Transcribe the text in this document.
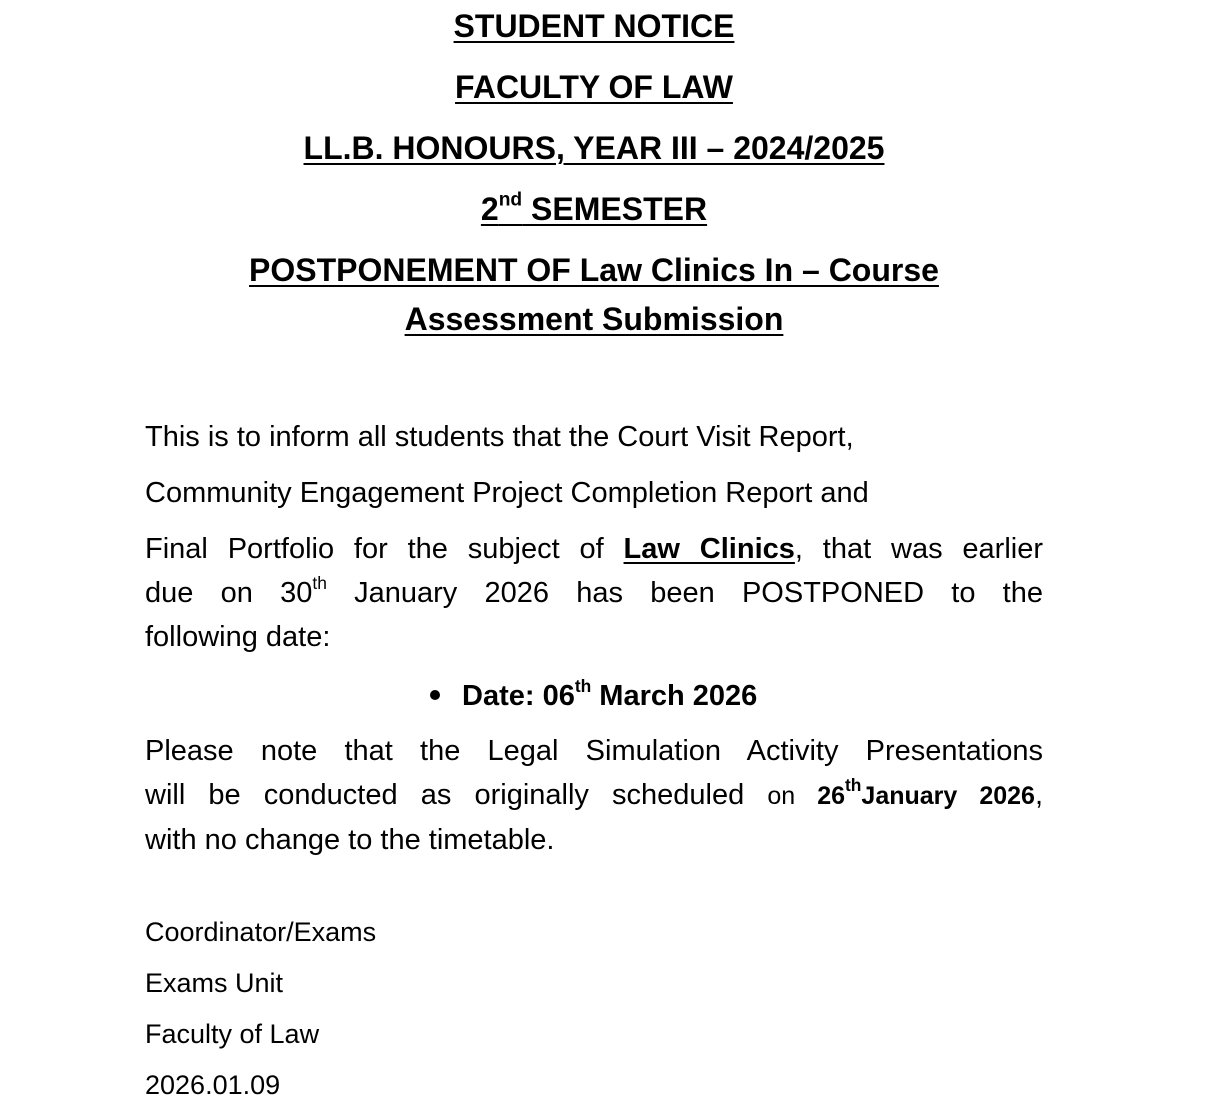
STUDENT NOTICE
FACULTY OF LAW
LL.B. HONOURS, YEAR III – 2024/2025
2nd SEMESTER
POSTPONEMENT OF Law Clinics In – Course
Assessment Submission
This is to inform all students that the Court Visit Report,
Community Engagement Project Completion Report and
Final Portfolio for the subject of Law Clinics, that was earlier
due on 30th January 2026 has been POSTPONED to the
following date:
Date: 06th March 2026
Please note that the Legal Simulation Activity Presentations
will be conducted as originally scheduled on 26thJanuary 2026,
with no change to the timetable.
Coordinator/Exams
Exams Unit
Faculty of Law
2026.01.09
